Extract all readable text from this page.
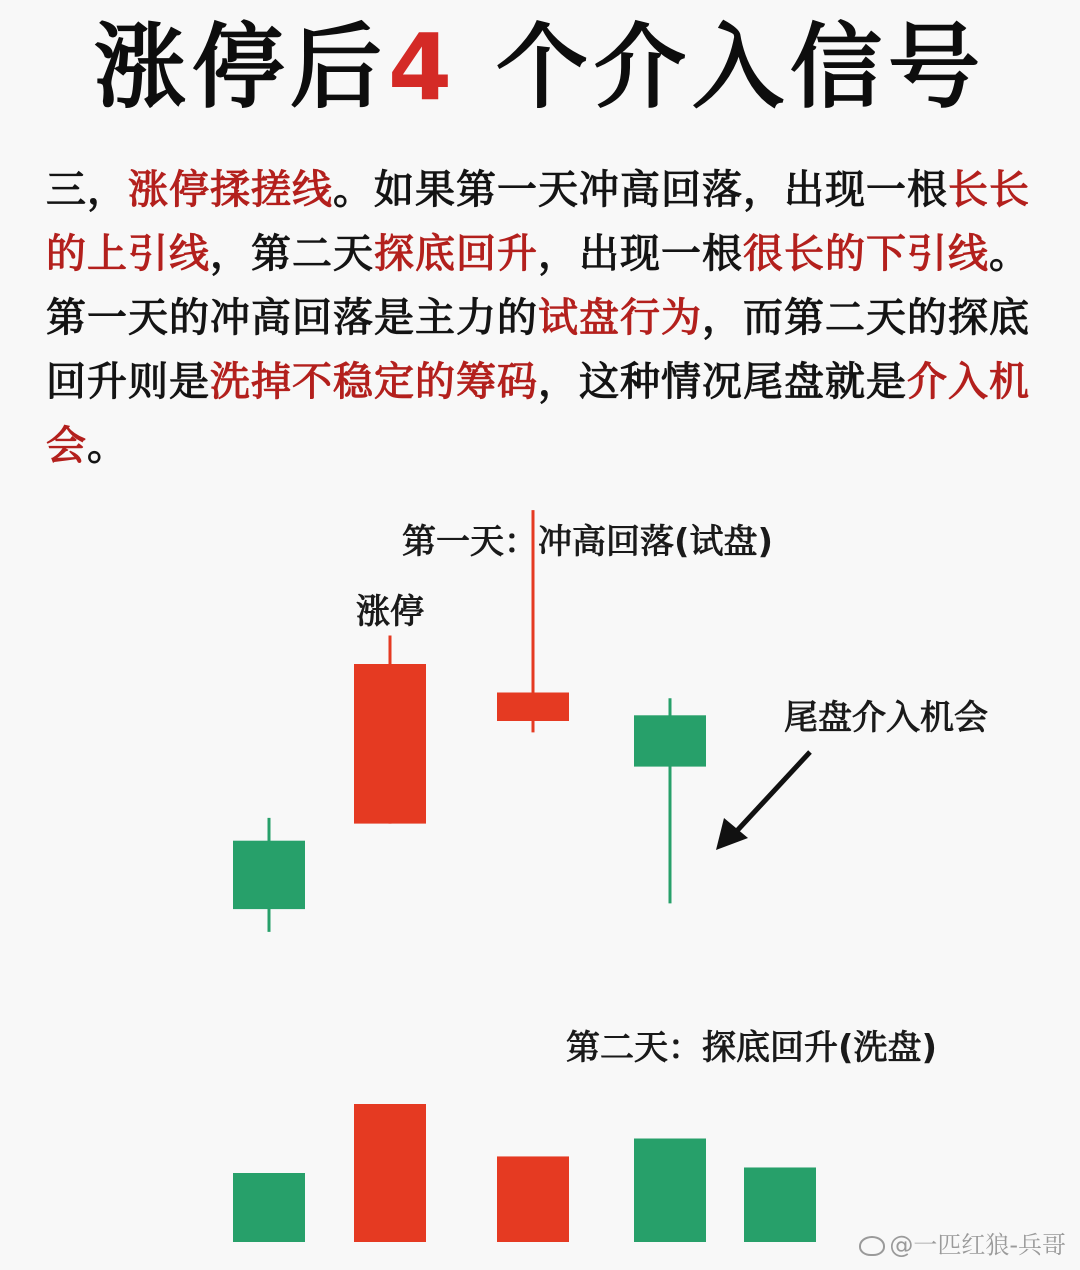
涨停后4 个介入信号
三，涨停揉搓线。如果第一天冲高回落，出现一根长长的上引线，第二天探底回升，出现一根很长的下引线。第一天的冲高回落是主力的试盘行为，而第二天的探底回升则是洗掉不稳定的筹码，这种情况尾盘就是介入机会。
第一天：冲高回落(试盘)
涨停
尾盘介入机会
第二天：探底回升(洗盘)
@一匹红狼-兵哥
